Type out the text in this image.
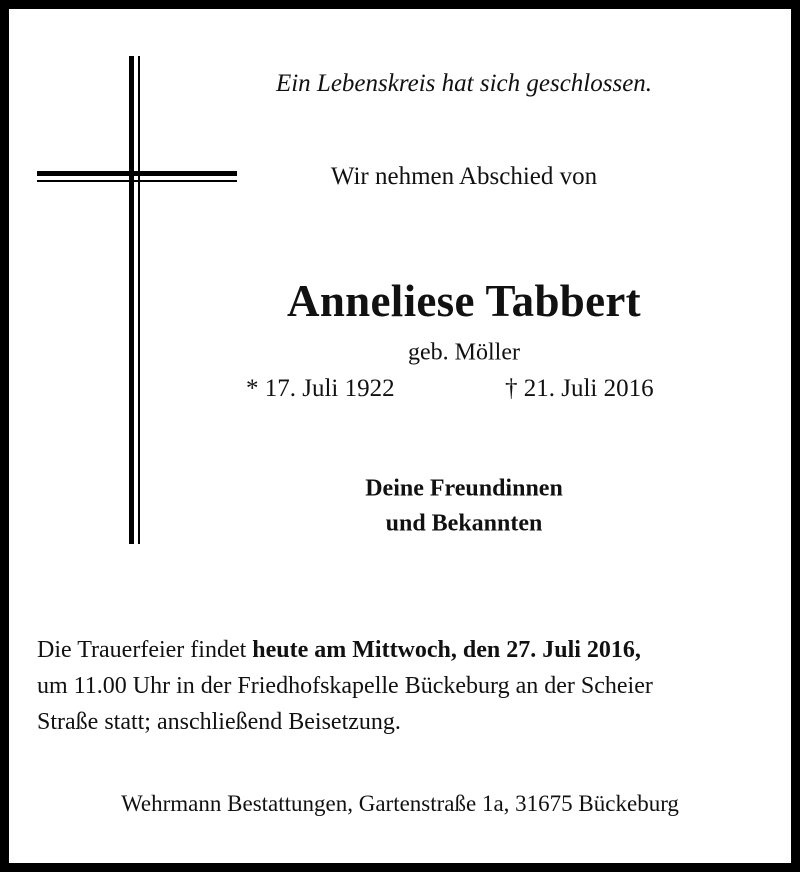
Ein Lebenskreis hat sich geschlossen.
Wir nehmen Abschied von
Anneliese Tabbert
geb. Möller
* 17. Juli 1922	† 21. Juli 2016
Deine Freundinnen
und Bekannten
Die Trauerfeier findet heute am Mittwoch, den 27. Juli 2016,
um 11.00 Uhr in der Friedhofskapelle Bückeburg an der Scheier
Straße statt; anschließend Beisetzung.
Wehrmann Bestattungen, Gartenstraße 1a, 31675 Bückeburg
